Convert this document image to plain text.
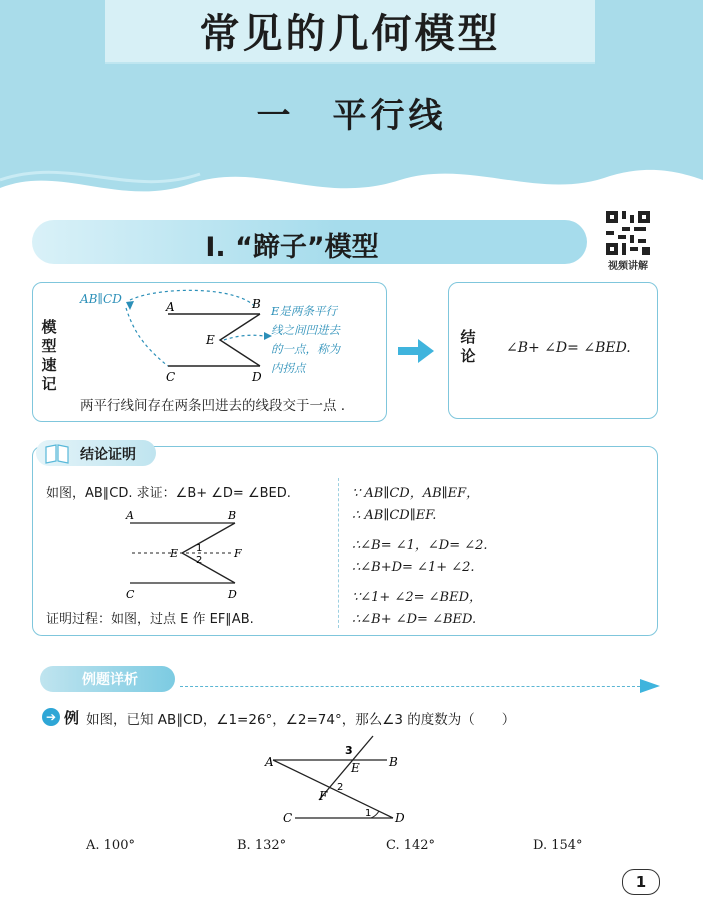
常见的几何模型
一　平行线
I. “蹄子”模型
视频讲解
模
型
速
记
AB∥CD
A	B
C	D
E
E是两条平行
线之间凹进去
的一点，称为
内拐点
两平行线间存在两条凹进去的线段交于一点 .
结
论 ∠B+ ∠D= ∠BED.
结论证明
如图，AB∥CD. 求证：∠B+ ∠D= ∠BED.
A	B
C	D
E	F
1
2
证明过程：如图，过点 E 作 EF∥AB.
∵ AB∥CD，AB∥EF，
∴ AB∥CD∥EF.
∴∠B= ∠1，∠D= ∠2.
∴∠B+D= ∠1+ ∠2.
∵∠1+ ∠2= ∠BED，
∴∠B+ ∠D= ∠BED.
例题详析
➔ 例 如图，已知 AB∥CD，∠1=26°，∠2=74°，那么∠3 的度数为（　　）
A	B
C	D
E
F
1
2
3
A. 100°	B. 132°	C. 142°	D. 154°
1
